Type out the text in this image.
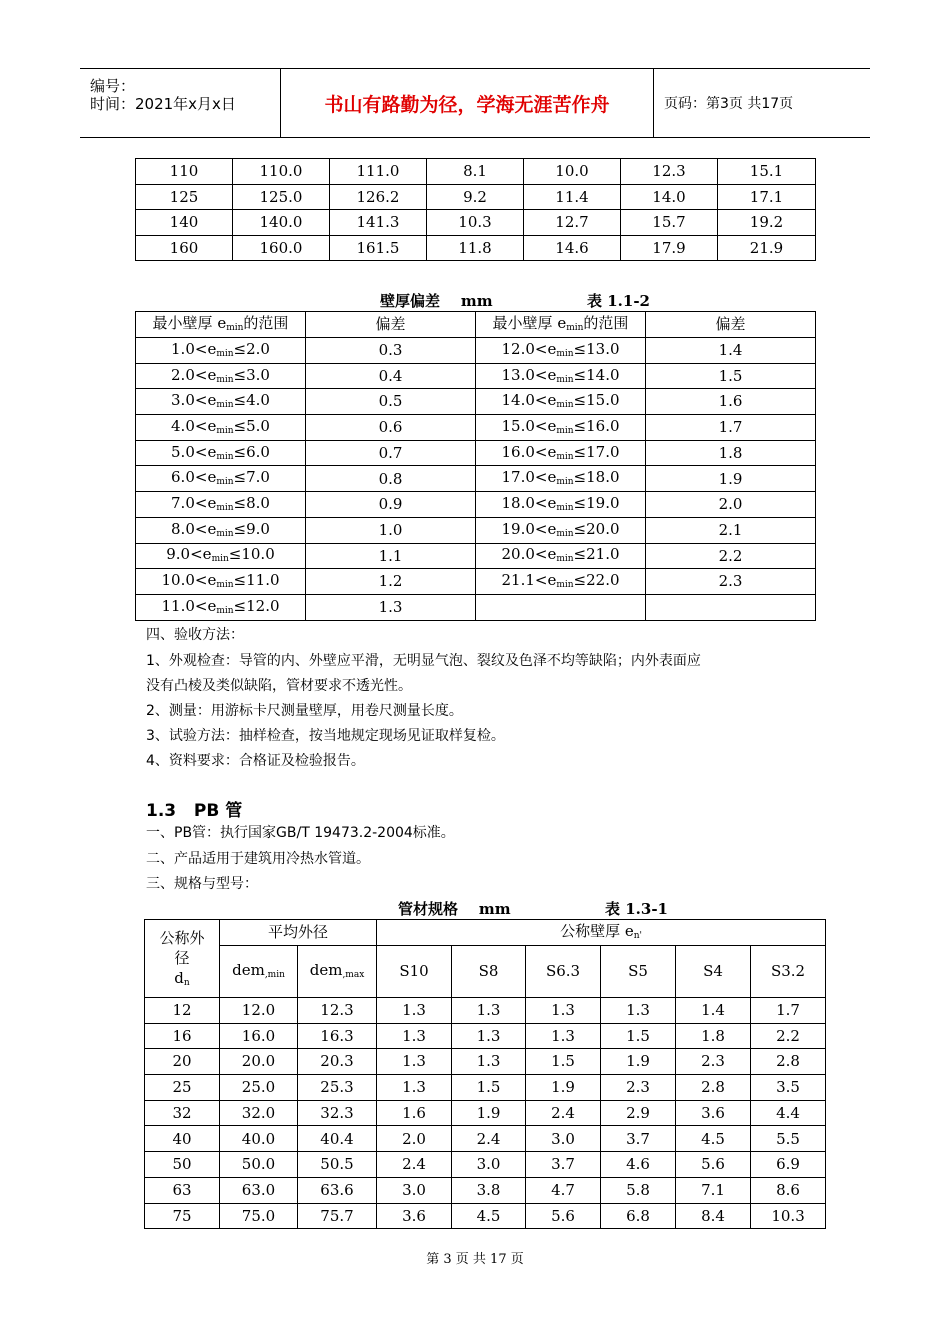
编号：
时间：2021年x月x日	书山有路勤为径，学海无涯苦作舟	页码：第3页 共17页
110	110.0	111.0	8.1	10.0	12.3	15.1
125	125.0	126.2	9.2	11.4	14.0	17.1
140	140.0	141.3	10.3	12.7	15.7	19.2
160	160.0	161.5	11.8	14.6	17.9	21.9
壁厚偏差    mm	表 1.1-2
最小壁厚 $e_{min}$的范围	偏差	最小壁厚 $e_{min}$的范围	偏差
$1.0<e_{min}\le 2.0$	0.3	$12.0<e_{min}\le 13.0$	1.4
$2.0<e_{min}\le 3.0$	0.4	$13.0<e_{min}\le 14.0$	1.5
$3.0<e_{min}\le 4.0$	0.5	$14.0<e_{min}\le 15.0$	1.6
$4.0<e_{min}\le 5.0$	0.6	$15.0<e_{min}\le 16.0$	1.7
$5.0<e_{min}\le 6.0$	0.7	$16.0<e_{min}\le 17.0$	1.8
$6.0<e_{min}\le 7.0$	0.8	$17.0<e_{min}\le 18.0$	1.9
$7.0<e_{min}\le 8.0$	0.9	$18.0<e_{min}\le 19.0$	2.0
$8.0<e_{min}\le 9.0$	1.0	$19.0<e_{min}\le 20.0$	2.1
$9.0<e_{min}\le 10.0$	1.1	$20.0<e_{min}\le 21.0$	2.2
$10.0<e_{min}\le 11.0$	1.2	$21.1<e_{min}\le 22.0$	2.3
$11.0<e_{min}\le 12.0$	1.3		
四、验收方法：
1、外观检查：导管的内、外壁应平滑，无明显气泡、裂纹及色泽不均等缺陷；内外表面应
没有凸棱及类似缺陷，管材要求不透光性。
2、测量：用游标卡尺测量壁厚，用卷尺测量长度。
3、试验方法：抽样检查，按当地规定现场见证取样复检。
4、资料要求：合格证及检验报告。
1.3   PB 管
一、PB管：执行国家GB/T 19473.2-2004标准。
二、产品适用于建筑用冷热水管道。
三、规格与型号：
管材规格    mm	表 1.3-1
公称外
径
$d_n$	平均外径		公称壁厚 $e_{n'}$
	dem$_{,min}$	dem$_{,max}$	S10	S8	S6.3	S5	S4	S3.2
12	12.0	12.3	1.3	1.3	1.3	1.3	1.4	1.7
16	16.0	16.3	1.3	1.3	1.3	1.5	1.8	2.2
20	20.0	20.3	1.3	1.3	1.5	1.9	2.3	2.8
25	25.0	25.3	1.3	1.5	1.9	2.3	2.8	3.5
32	32.0	32.3	1.6	1.9	2.4	2.9	3.6	4.4
40	40.0	40.4	2.0	2.4	3.0	3.7	4.5	5.5
50	50.0	50.5	2.4	3.0	3.7	4.6	5.6	6.9
63	63.0	63.6	3.0	3.8	4.7	5.8	7.1	8.6
75	75.0	75.7	3.6	4.5	5.6	6.8	8.4	10.3
第 3 页 共 17 页
